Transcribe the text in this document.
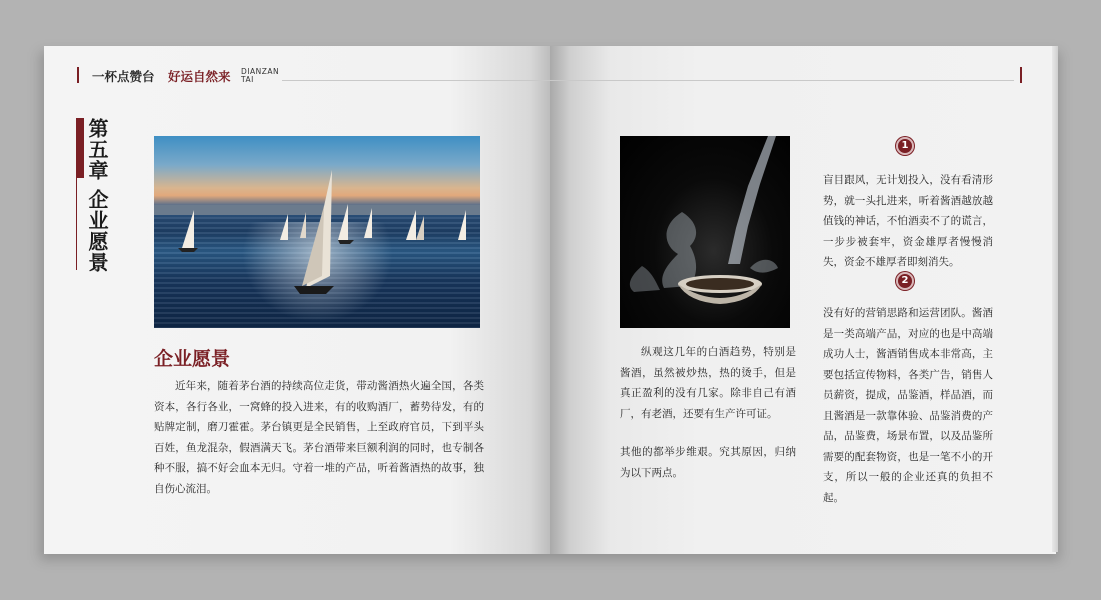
一杯点赞台 好运自然来 DIANZAN
TAI
第五章 企业愿景
企业愿景

近年来，随着茅台酒的持续高位走货，带动酱酒热火遍全国，各类资本，各行各业，一窝蜂的投入进来，有的收购酒厂，蓄势待发，有的贴牌定制，磨刀霍霍。茅台镇更是全民销售，上至政府官员，下到平头百姓，鱼龙混杂，假酒满天飞。茅台酒带来巨额利润的同时，也专制各种不服，搞不好会血本无归。守着一堆的产品，听着酱酒热的故事，独自伤心流泪。

纵观这几年的白酒趋势，特别是酱酒，虽然被炒热，热的烫手，但是真正盈利的没有几家。除非自己有酒厂，有老酒，还要有生产许可证。

其他的都举步维艰。究其原因，归纳为以下两点。

1
盲目跟风，无计划投入，没有看清形势，就一头扎进来，听着酱酒越放越值钱的神话，不怕酒卖不了的谎言，一步步被套牢，资金雄厚者慢慢消失，资金不雄厚者即刻消失。
2
没有好的营销思路和运营团队。酱酒是一类高端产品，对应的也是中高端成功人士，酱酒销售成本非常高，主要包括宣传物料，各类广告，销售人员薪资，提成，品鉴酒，样品酒，而且酱酒是一款靠体验、品鉴消费的产品，品鉴费，场景布置，以及品鉴所需要的配套物资，也是一笔不小的开支，所以一般的企业还真的负担不起。
